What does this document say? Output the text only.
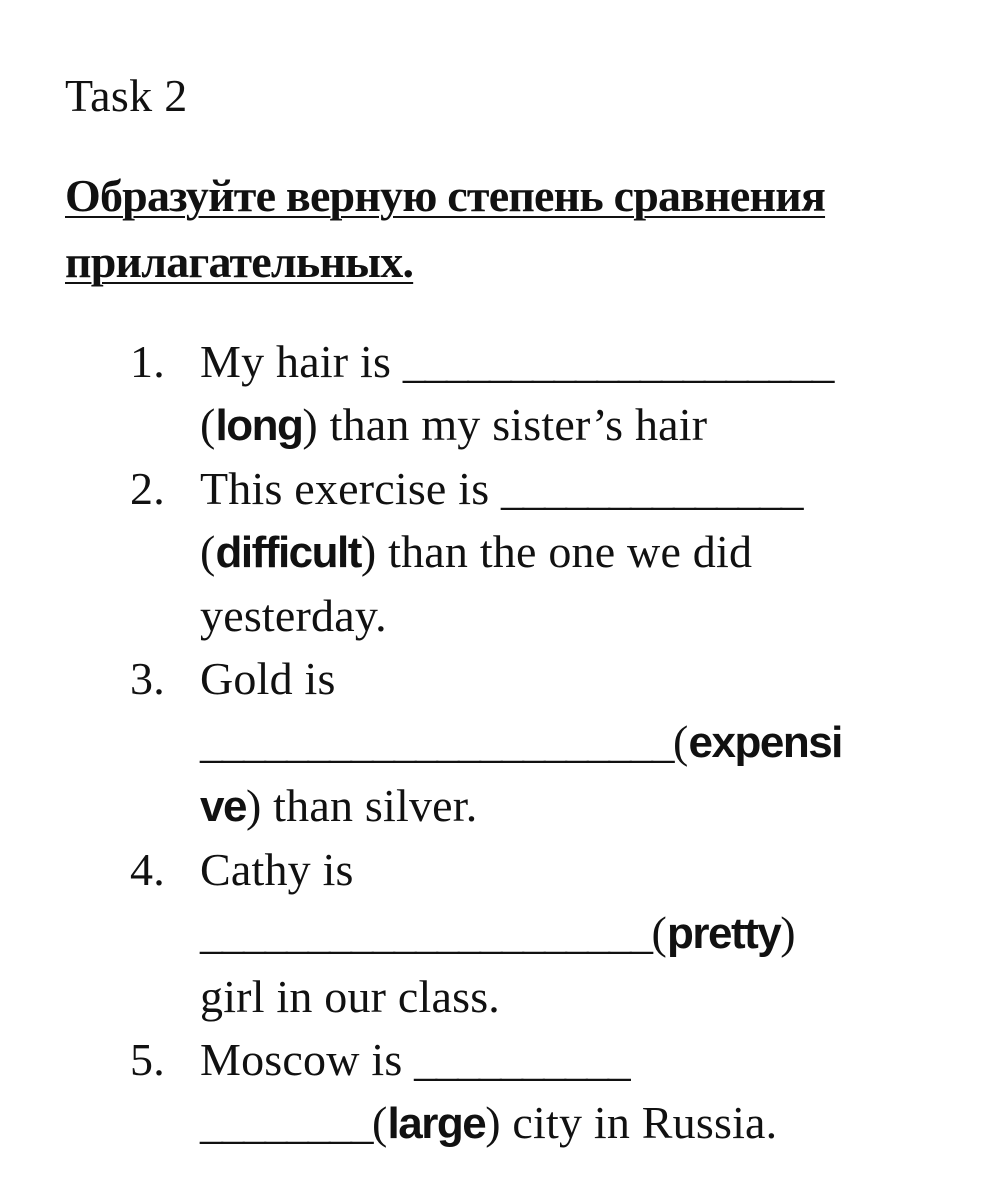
Task 2

Образуйте верную степень сравнения прилагательных.

1. My hair is ____________________
(long) than my sister’s hair
2. This exercise is ______________
(difficult) than the one we did
yesterday.
3. Gold is
______________________(expensi
ve) than silver.
4. Cathy is
_____________________(pretty)
girl in our class.
5. Moscow is __________
________(large) city in Russia.
